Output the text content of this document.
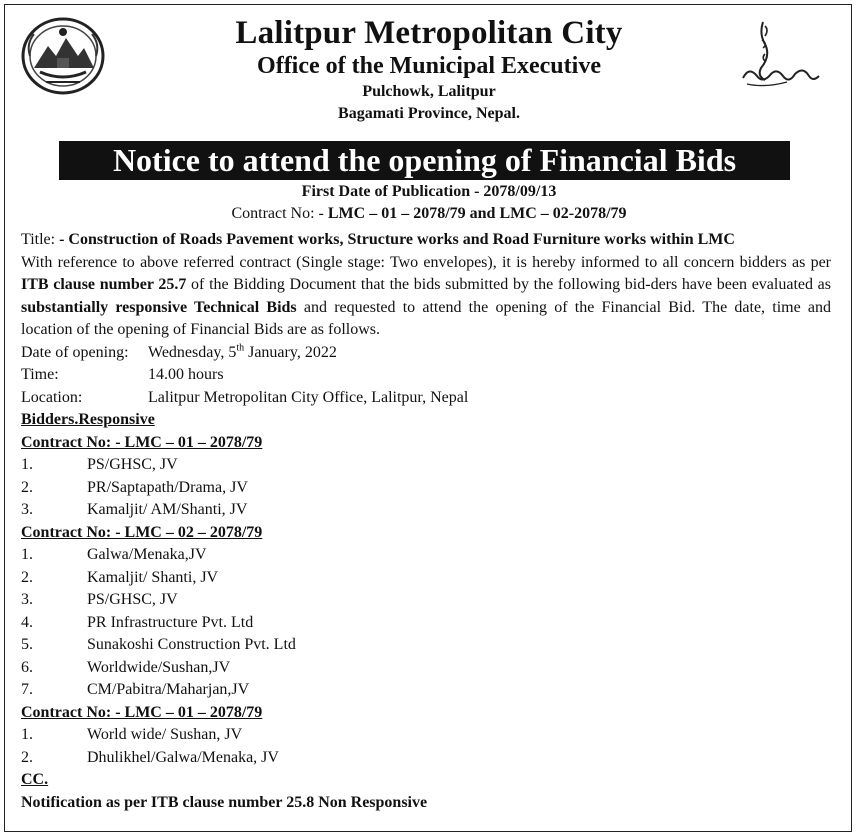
Lalitpur Metropolitan City
Office of the Municipal Executive
Pulchowk, Lalitpur
Bagamati Province, Nepal.
Notice to attend the opening of Financial Bids
First Date of Publication - 2078/09/13
Contract No: - LMC – 01 – 2078/79 and LMC – 02-2078/79
Title: - Construction of Roads Pavement works, Structure works and Road Furniture works within LMC
With reference to above referred contract (Single stage: Two envelopes), it is hereby informed to all concern bidders as per ITB clause number 25.7 of the Bidding Document that the bids submitted by the following bid-ders have been evaluated as substantially responsive Technical Bids and requested to attend the opening of the Financial Bid. The date, time and location of the opening of Financial Bids are as follows.
Date of opening: Wednesday, 5th January, 2022
Time:	14.00 hours
Location:	Lalitpur Metropolitan City Office, Lalitpur, Nepal
Bidders.Responsive
Contract No: - LMC – 01 – 2078/79
1.	PS/GHSC, JV
2.	PR/Saptapath/Drama, JV
3.	Kamaljit/ AM/Shanti, JV
Contract No: - LMC – 02 – 2078/79
1.	Galwa/Menaka,JV
2.	Kamaljit/ Shanti, JV
3.	PS/GHSC, JV
4.	PR Infrastructure Pvt. Ltd
5.	Sunakoshi Construction Pvt. Ltd
6.	Worldwide/Sushan,JV
7.	CM/Pabitra/Maharjan,JV
Contract No: - LMC – 01 – 2078/79
1.	World wide/ Sushan, JV
2.	Dhulikhel/Galwa/Menaka, JV
CC.
Notification as per ITB clause number 25.8 Non Responsive
